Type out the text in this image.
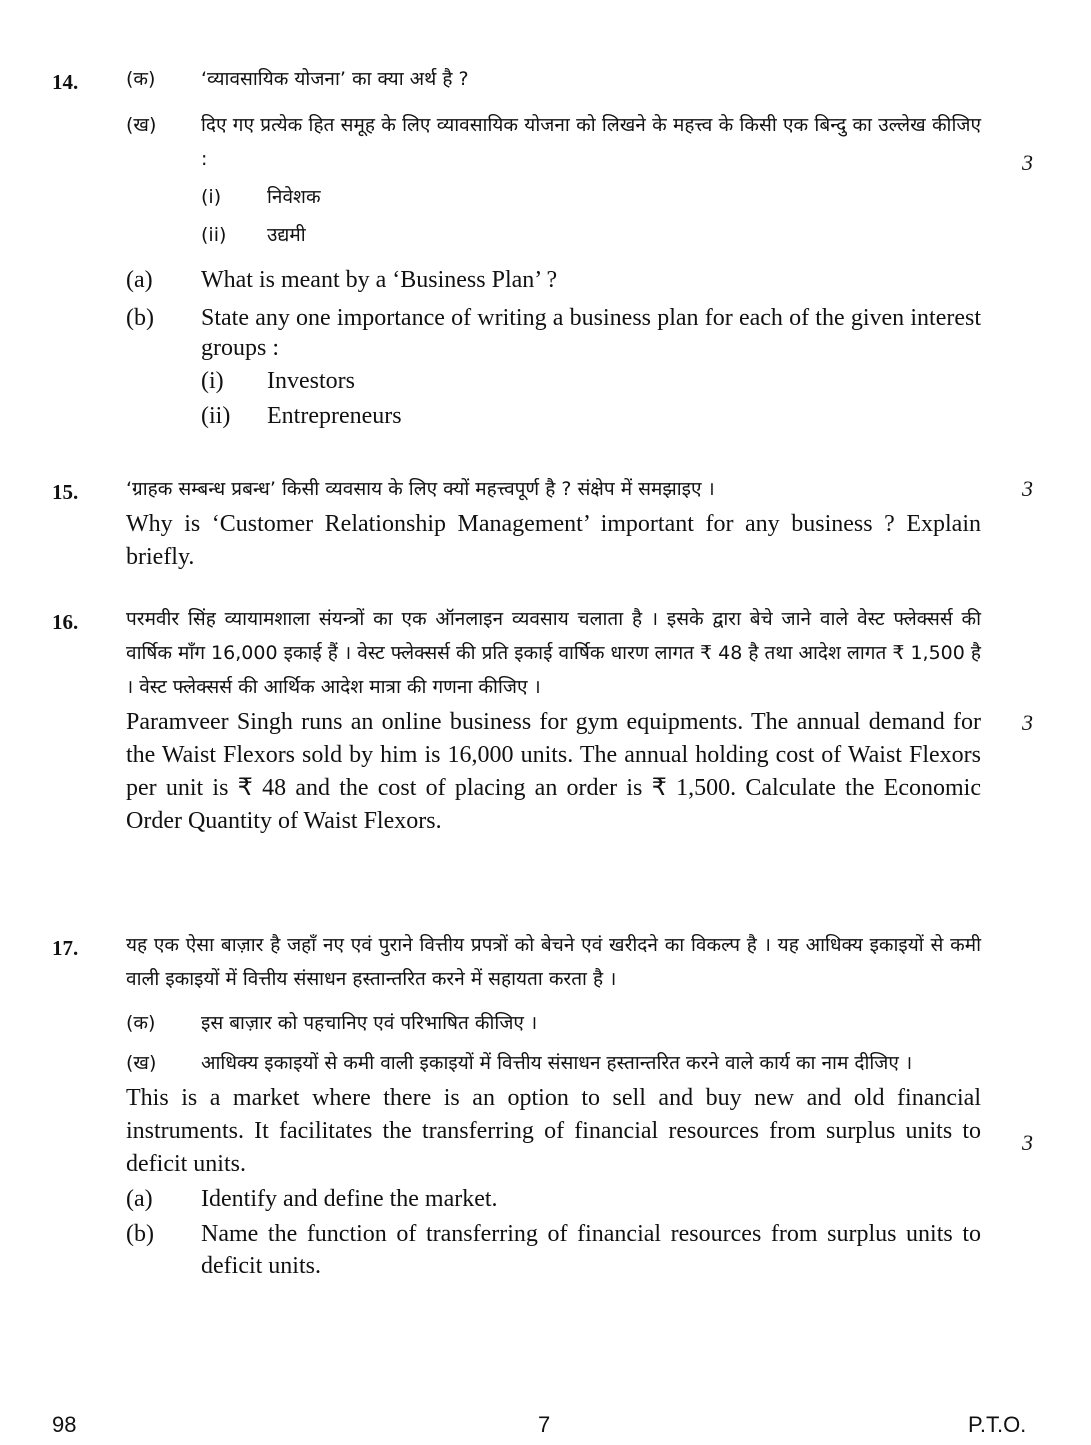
14.	(क) ‘व्यावसायिक योजना’ का क्या अर्थ है ?
(ख) दिए गए प्रत्येक हित समूह के लिए व्यावसायिक योजना को लिखने के महत्त्व के किसी एक बिन्दु का उल्लेख कीजिए :
(i) निवेशक
(ii) उद्यमी
(a) What is meant by a ‘Business Plan’ ?
(b) State any one importance of writing a business plan for each of the given interest groups :
(i) Investors
(ii) Entrepreneurs
3
15.	‘ग्राहक सम्बन्ध प्रबन्ध’ किसी व्यवसाय के लिए क्यों महत्त्वपूर्ण है ? संक्षेप में समझाइए ।
Why is ‘Customer Relationship Management’ important for any business ? Explain briefly.
3
16.	परमवीर सिंह व्यायामशाला संयन्त्रों का एक ऑनलाइन व्यवसाय चलाता है । इसके द्वारा बेचे जाने वाले वेस्ट फ्लेक्सर्स की वार्षिक माँग 16,000 इकाई हैं । वेस्ट फ्लेक्सर्स की प्रति इकाई वार्षिक धारण लागत ₹ 48 है तथा आदेश लागत ₹ 1,500 है । वेस्ट फ्लेक्सर्स की आर्थिक आदेश मात्रा की गणना कीजिए ।
Paramveer Singh runs an online business for gym equipments. The annual demand for the Waist Flexors sold by him is 16,000 units. The annual holding cost of Waist Flexors per unit is ₹ 48 and the cost of placing an order is ₹ 1,500. Calculate the Economic Order Quantity of Waist Flexors.
3
17.	यह एक ऐसा बाज़ार है जहाँ नए एवं पुराने वित्तीय प्रपत्रों को बेचने एवं खरीदने का विकल्प है । यह आधिक्य इकाइयों से कमी वाली इकाइयों में वित्तीय संसाधन हस्तान्तरित करने में सहायता करता है ।
(क) इस बाज़ार को पहचानिए एवं परिभाषित कीजिए ।
(ख) आधिक्य इकाइयों से कमी वाली इकाइयों में वित्तीय संसाधन हस्तान्तरित करने वाले कार्य का नाम दीजिए ।
This is a market where there is an option to sell and buy new and old financial instruments. It facilitates the transferring of financial resources from surplus units to deficit units.
(a) Identify and define the market.
(b) Name the function of transferring of financial resources from surplus units to deficit units.
3
98	7	P.T.O.
